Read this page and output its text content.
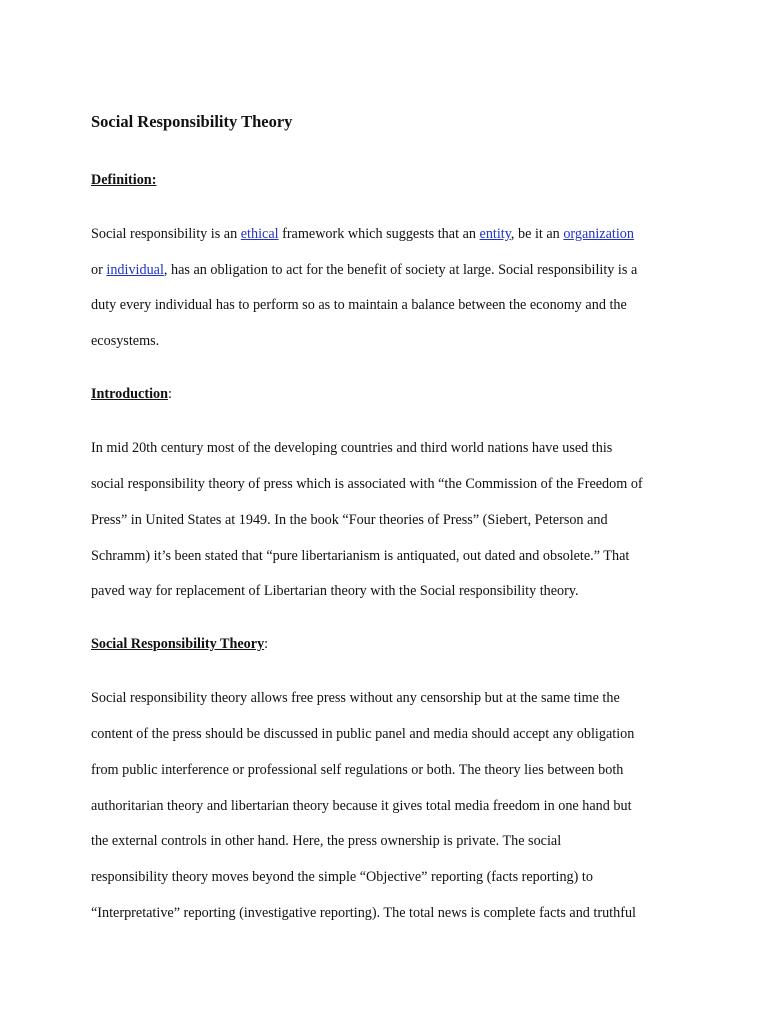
Social Responsibility Theory
Definition:
Social responsibility is an ethical framework which suggests that an entity, be it an organization
or individual, has an obligation to act for the benefit of society at large. Social responsibility is a
duty every individual has to perform so as to maintain a balance between the economy and the
ecosystems.
Introduction:
In mid 20th century most of the developing countries and third world nations have used this
social responsibility theory of press which is associated with “the Commission of the Freedom of
Press” in United States at 1949. In the book “Four theories of Press” (Siebert, Peterson and
Schramm) it’s been stated that “pure libertarianism is antiquated, out dated and obsolete.” That
paved way for replacement of Libertarian theory with the Social responsibility theory.
Social Responsibility Theory:
Social responsibility theory allows free press without any censorship but at the same time the
content of the press should be discussed in public panel and media should accept any obligation
from public interference or professional self regulations or both. The theory lies between both
authoritarian theory and libertarian theory because it gives total media freedom in one hand but
the external controls in other hand. Here, the press ownership is private. The social
responsibility theory moves beyond the simple “Objective” reporting (facts reporting) to
“Interpretative” reporting (investigative reporting). The total news is complete facts and truthful
